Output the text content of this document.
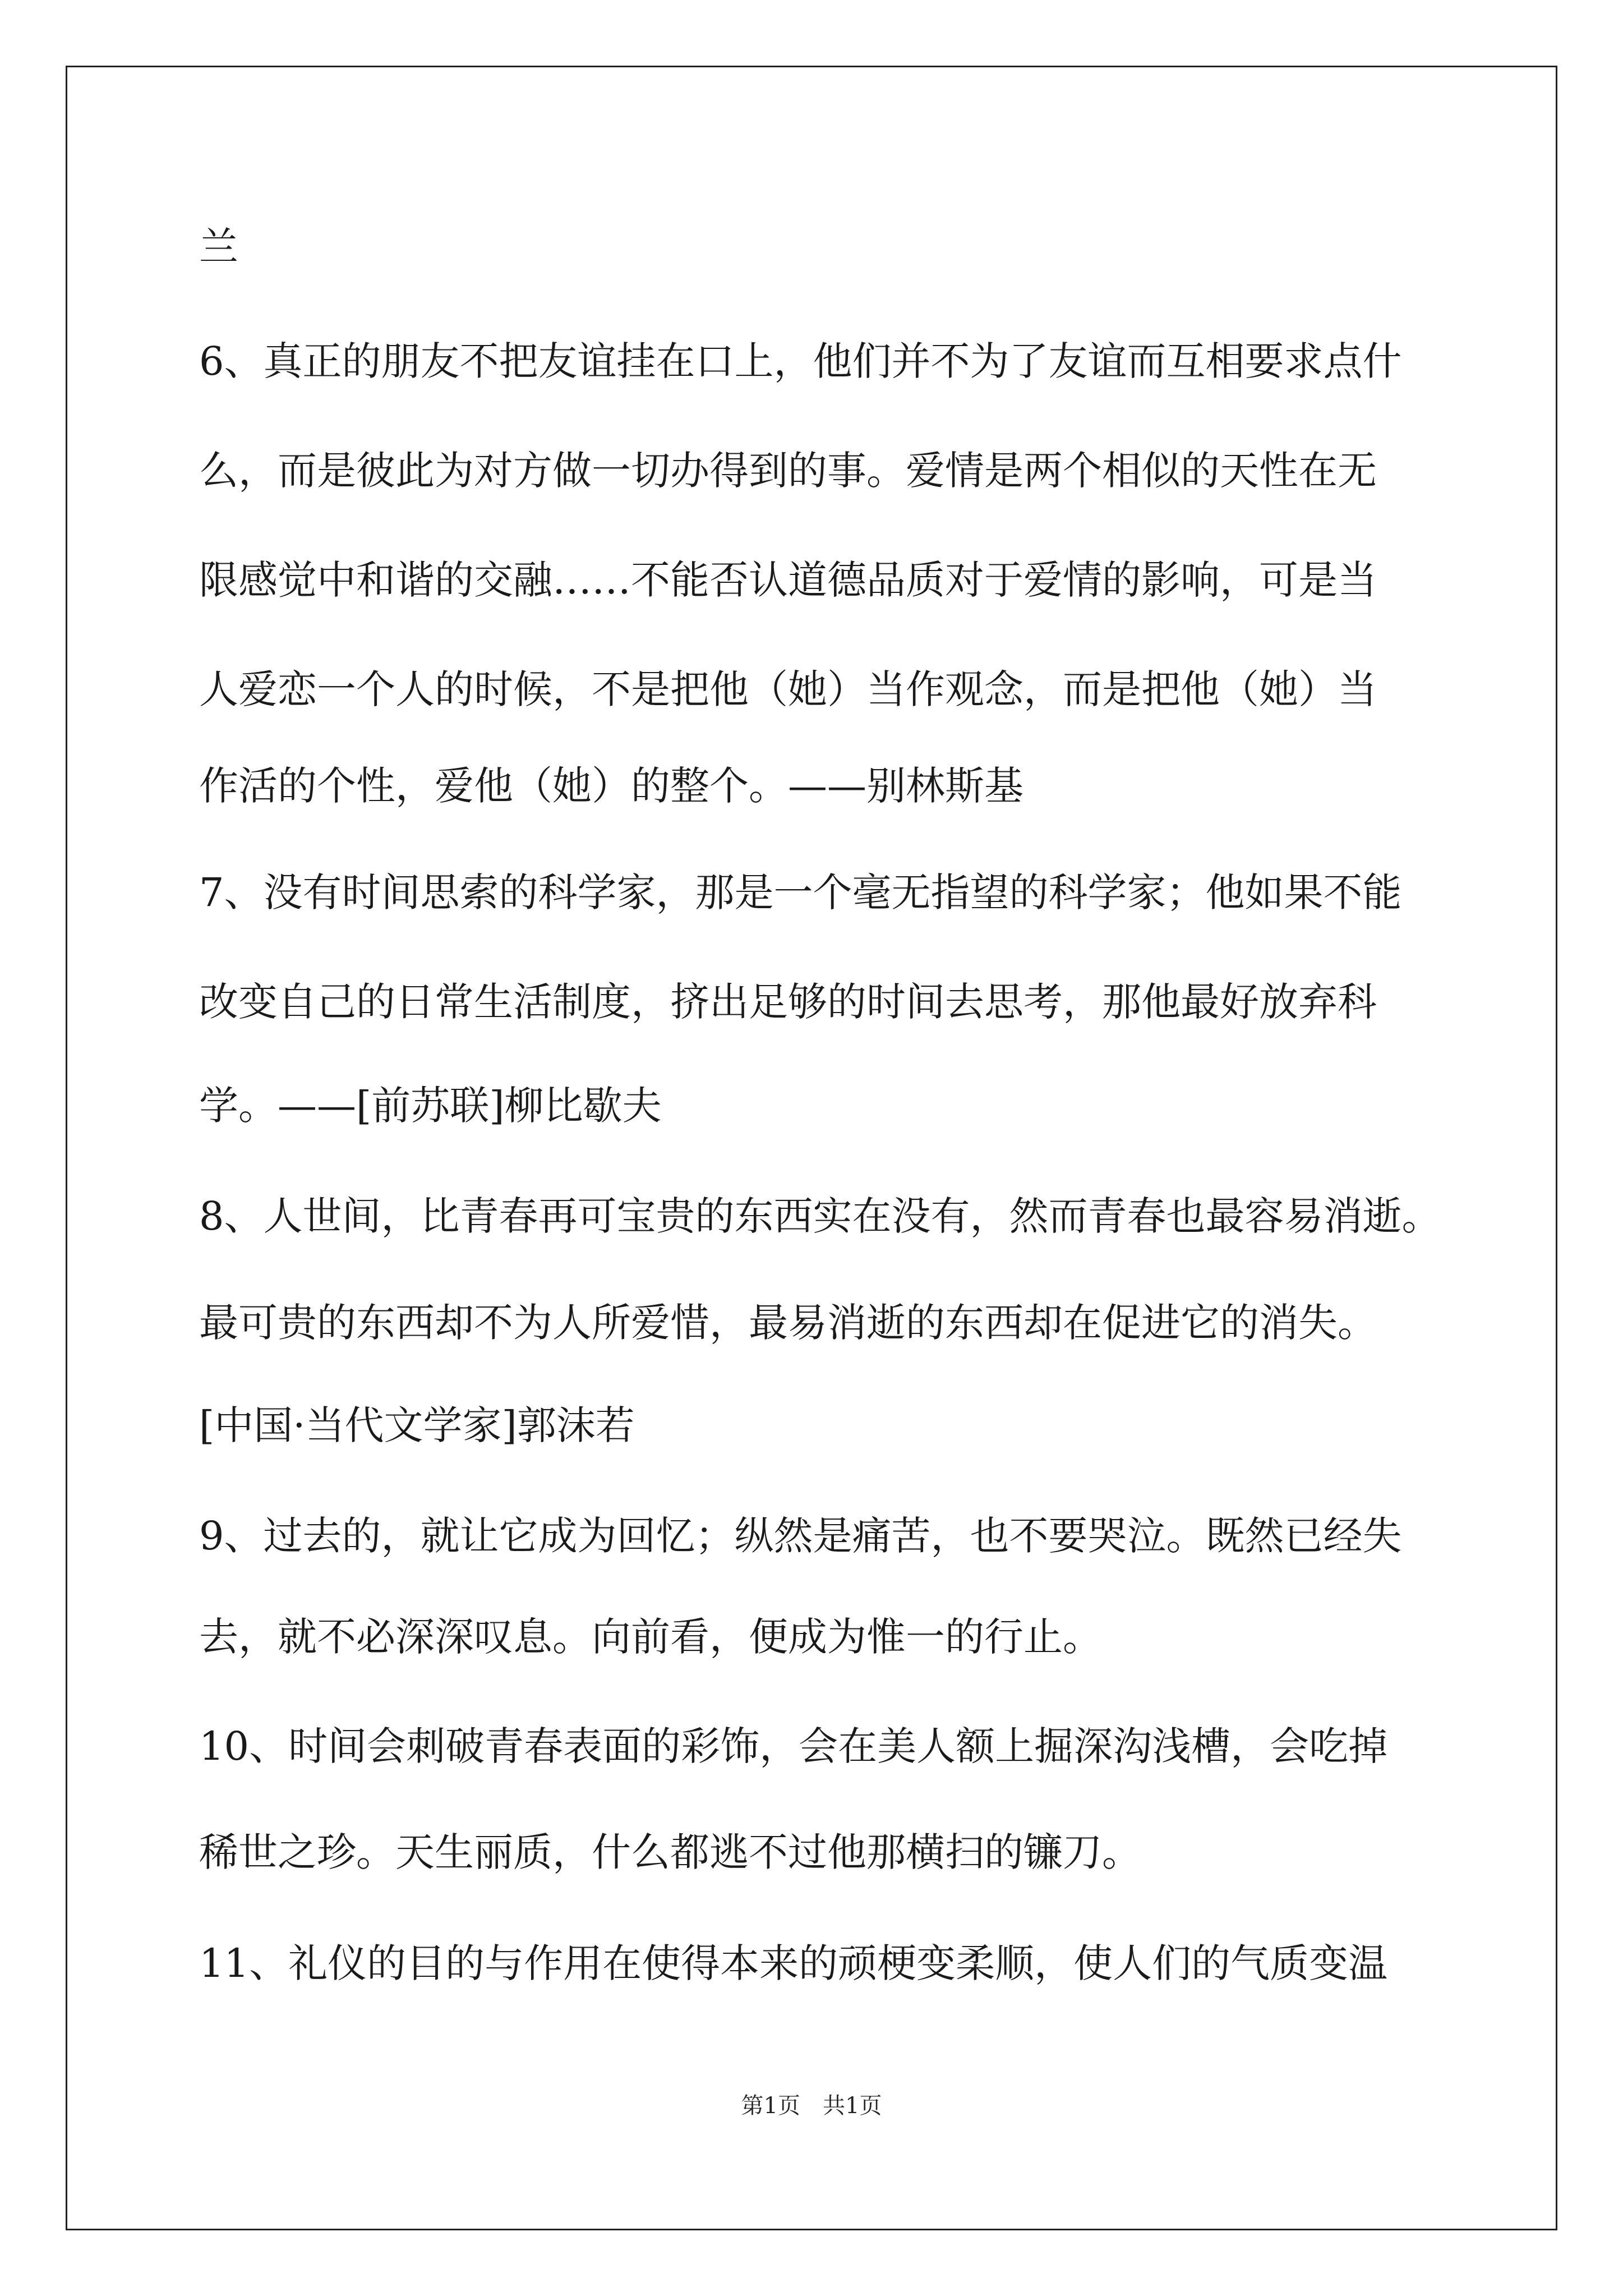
兰
6、真正的朋友不把友谊挂在口上，他们并不为了友谊而互相要求点什
么，而是彼此为对方做一切办得到的事。爱情是两个相似的天性在无
限感觉中和谐的交融……不能否认道德品质对于爱情的影响，可是当
人爱恋一个人的时候，不是把他（她）当作观念，而是把他（她）当
作活的个性，爱他（她）的整个。——别林斯基
7、没有时间思索的科学家，那是一个毫无指望的科学家；他如果不能
改变自己的日常生活制度，挤出足够的时间去思考，那他最好放弃科
学。——[前苏联]柳比歇夫
8、人世间，比青春再可宝贵的东西实在没有，然而青春也最容易消逝。
最可贵的东西却不为人所爱惜，最易消逝的东西却在促进它的消失。
[中国·当代文学家]郭沫若
9、过去的，就让它成为回忆；纵然是痛苦，也不要哭泣。既然已经失
去，就不必深深叹息。向前看，便成为惟一的行止。
10、时间会刺破青春表面的彩饰，会在美人额上掘深沟浅槽，会吃掉
稀世之珍。天生丽质，什么都逃不过他那横扫的镰刀。
11、礼仪的目的与作用在使得本来的顽梗变柔顺，使人们的气质变温
第1页　共1页
